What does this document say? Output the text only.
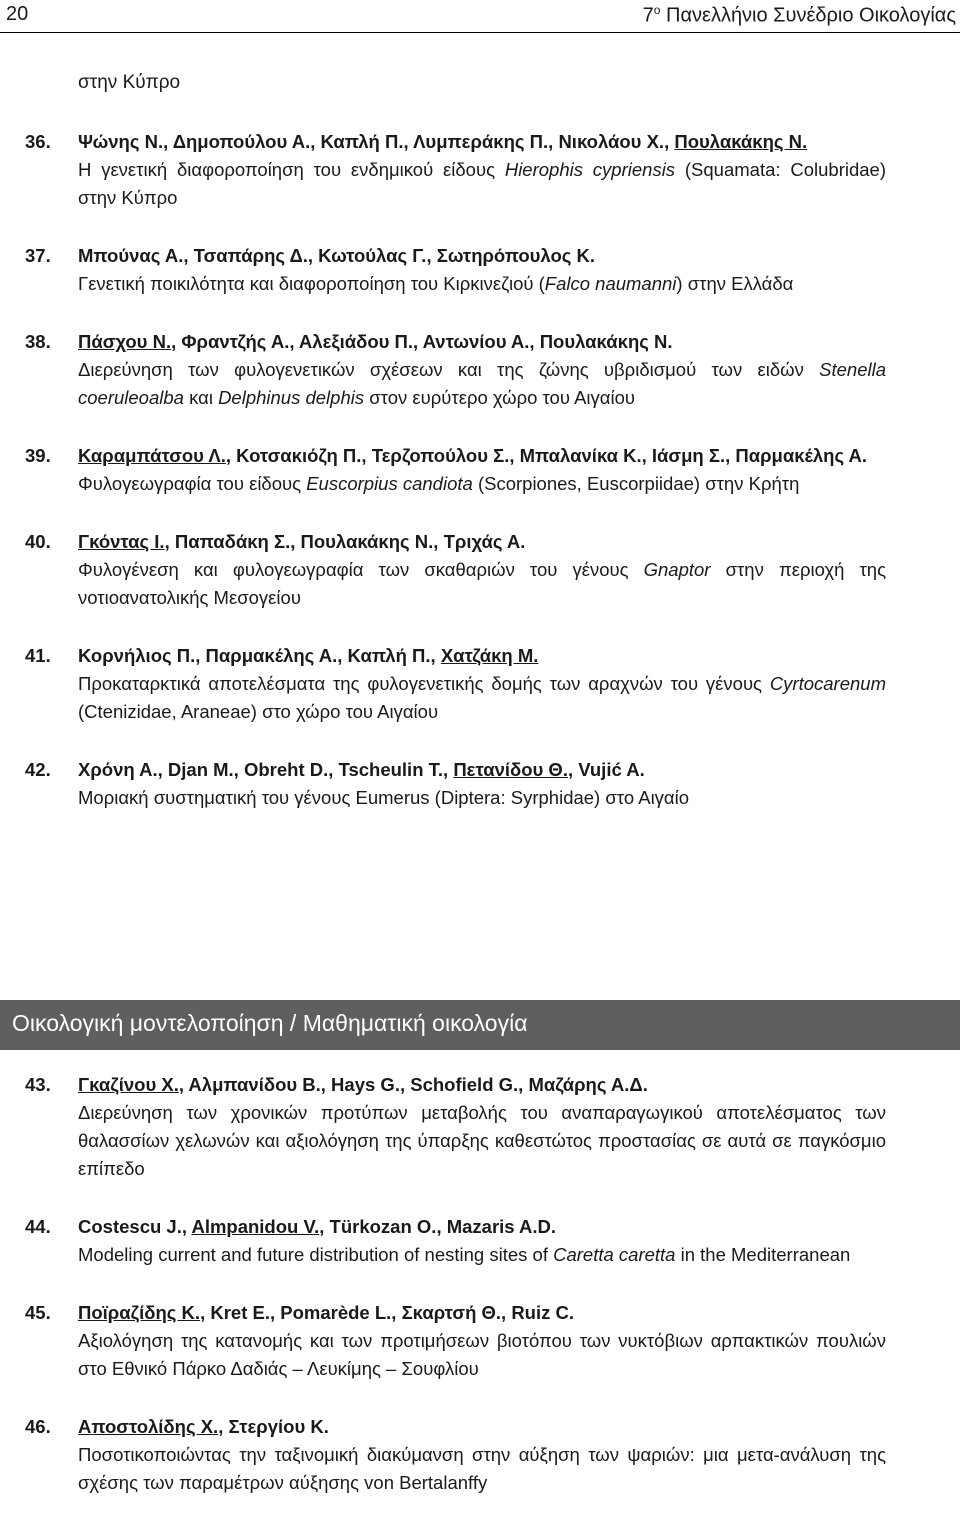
20	$7^o$ Πανελλήνιο Συνέδριο Οικολογίας
στην Κύπρο
36.	Ψώνης Ν., Δημοπούλου Α., Καπλή Π., Λυμπεράκης Π., Νικολάου Χ., Πουλακάκης Ν.
Η γενετική διαφοροποίηση του ενδημικού είδους Hierophis cypriensis (Squamata: Colubridae) στην Κύπρο
37.	Μπούνας Α., Τσαπάρης Δ., Κωτούλας Γ., Σωτηρόπουλος Κ.
Γενετική ποικιλότητα και διαφοροποίηση του Κιρκινεζιού (Falco naumanni) στην Ελλάδα
38.	Πάσχου Ν., Φραντζής Α., Αλεξιάδου Π., Αντωνίου Α., Πουλακάκης Ν.
Διερεύνηση των φυλογενετικών σχέσεων και της ζώνης υβριδισμού των ειδών Stenella coeruleoalba και Delphinus delphis στον ευρύτερο χώρο του Αιγαίου
39.	Καραμπάτσου Λ., Κοτσακιόζη Π., Τερζοπούλου Σ., Μπαλανίκα Κ., Ιάσμη Σ., Παρμακέλης Α.
Φυλογεωγραφία του είδους Euscorpius candiota (Scorpiones, Euscorpiidae) στην Κρήτη
40.	Γκόντας Ι., Παπαδάκη Σ., Πουλακάκης Ν., Τριχάς Α.
Φυλογένεση και φυλογεωγραφία των σκαθαριών του γένους Gnaptor στην περιοχή της νοτιοανατολικής Μεσογείου
41.	Κορνήλιος Π., Παρμακέλης Α., Καπλή Π., Χατζάκη Μ.
Προκαταρκτικά αποτελέσματα της φυλογενετικής δομής των αραχνών του γένους Cyrtocarenum (Ctenizidae, Araneae) στο χώρο του Αιγαίου
42.	Χρόνη Α., Djan M., Obreht D., Tscheulin T., Πετανίδου Θ., Vujić A.
Μοριακή συστηματική του γένους Eumerus (Diptera: Syrphidae) στο Αιγαίο
Οικολογική μοντελοποίηση / Μαθηματική οικολογία
43.	Γκαζίνου Χ., Αλμπανίδου Β., Hays G., Schofield G., Μαζάρης Α.Δ.
Διερεύνηση των χρονικών προτύπων μεταβολής του αναπαραγωγικού αποτελέσματος των θαλασσίων χελωνών και αξιολόγηση της ύπαρξης καθεστώτος προστασίας σε αυτά σε παγκόσμιο επίπεδο
44.	Costescu J., Almpanidou V., Türkozan O., Mazaris A.D.
Modeling current and future distribution of nesting sites of Caretta caretta in the Mediterranean
45.	Ποϊραζίδης Κ., Kret E., Pomarède L., Σκαρτσή Θ., Ruiz C.
Αξιολόγηση της κατανομής και των προτιμήσεων βιοτόπου των νυκτόβιων αρπακτικών πουλιών στο Εθνικό Πάρκο Δαδιάς – Λευκίμης – Σουφλίου
46.	Αποστολίδης Χ., Στεργίου Κ.
Ποσοτικοποιώντας την ταξινομική διακύμανση στην αύξηση των ψαριών: μια μετα-ανάλυση της σχέσης των παραμέτρων αύξησης von Bertalanffy
